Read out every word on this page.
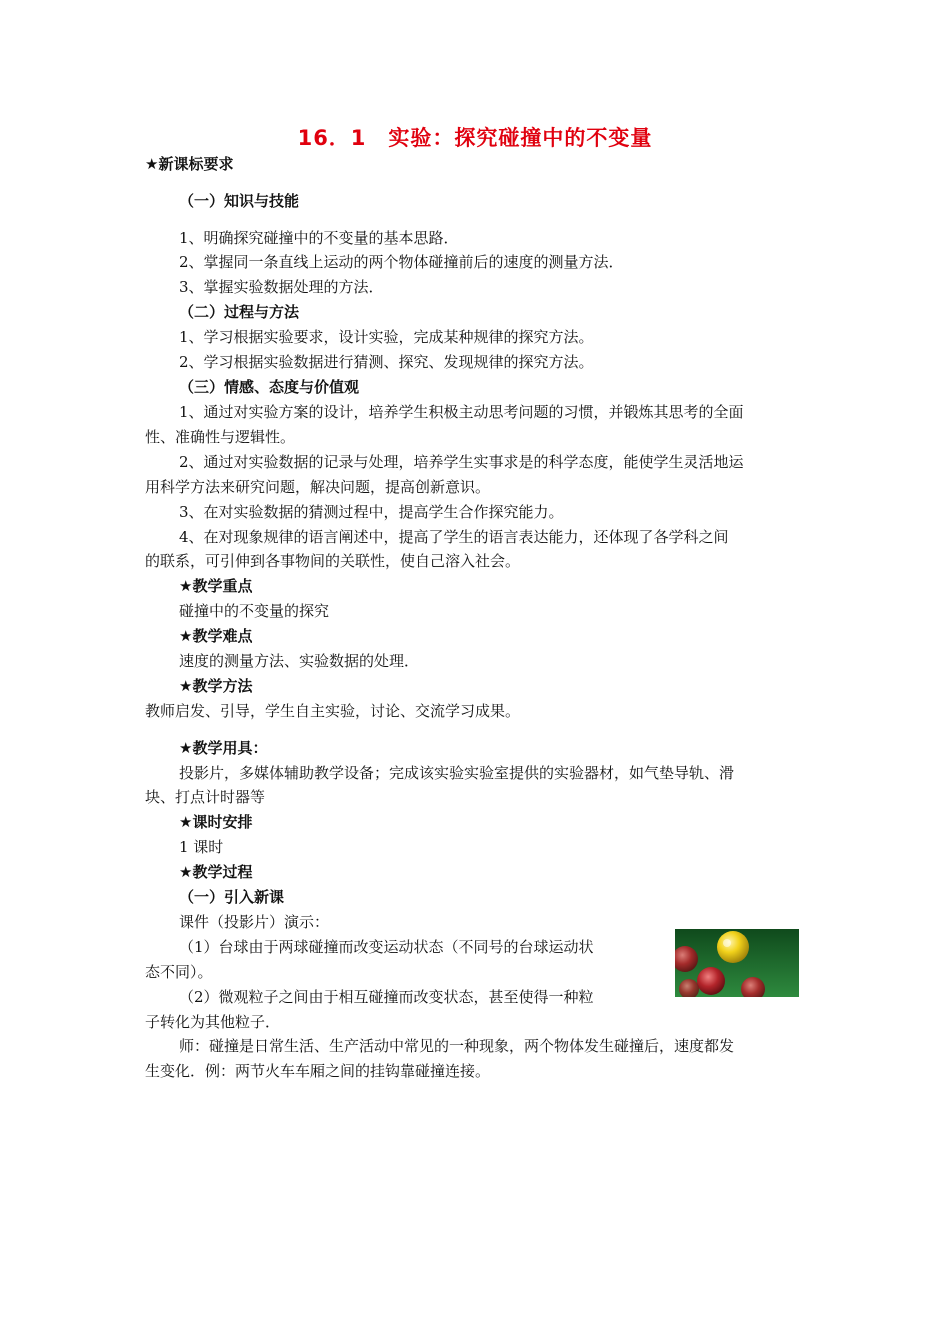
16．1　实验：探究碰撞中的不变量
★新课标要求
（一）知识与技能
1、明确探究碰撞中的不变量的基本思路．
2、掌握同一条直线上运动的两个物体碰撞前后的速度的测量方法．
3、掌握实验数据处理的方法．
（二）过程与方法
1、学习根据实验要求，设计实验，完成某种规律的探究方法。
2、学习根据实验数据进行猜测、探究、发现规律的探究方法。
（三）情感、态度与价值观
1、通过对实验方案的设计，培养学生积极主动思考问题的习惯，并锻炼其思考的全面
性、准确性与逻辑性。
2、通过对实验数据的记录与处理，培养学生实事求是的科学态度，能使学生灵活地运
用科学方法来研究问题，解决问题，提高创新意识。
3、在对实验数据的猜测过程中，提高学生合作探究能力。
4、在对现象规律的语言阐述中，提高了学生的语言表达能力，还体现了各学科之间
的联系，可引伸到各事物间的关联性，使自己溶入社会。
★教学重点
碰撞中的不变量的探究
★教学难点
速度的测量方法、实验数据的处理．
★教学方法
教师启发、引导，学生自主实验，讨论、交流学习成果。
★教学用具：
投影片，多媒体辅助教学设备；完成该实验实验室提供的实验器材，如气垫导轨、滑
块、打点计时器等
★课时安排
1 课时
★教学过程
（一）引入新课
课件（投影片）演示：
（1）台球由于两球碰撞而改变运动状态（不同号的台球运动状
态不同）。
（2）微观粒子之间由于相互碰撞而改变状态，甚至使得一种粒
子转化为其他粒子．
师：碰撞是日常生活、生产活动中常见的一种现象，两个物体发生碰撞后，速度都发
生变化．例：两节火车车厢之间的挂钩靠碰撞连接。
